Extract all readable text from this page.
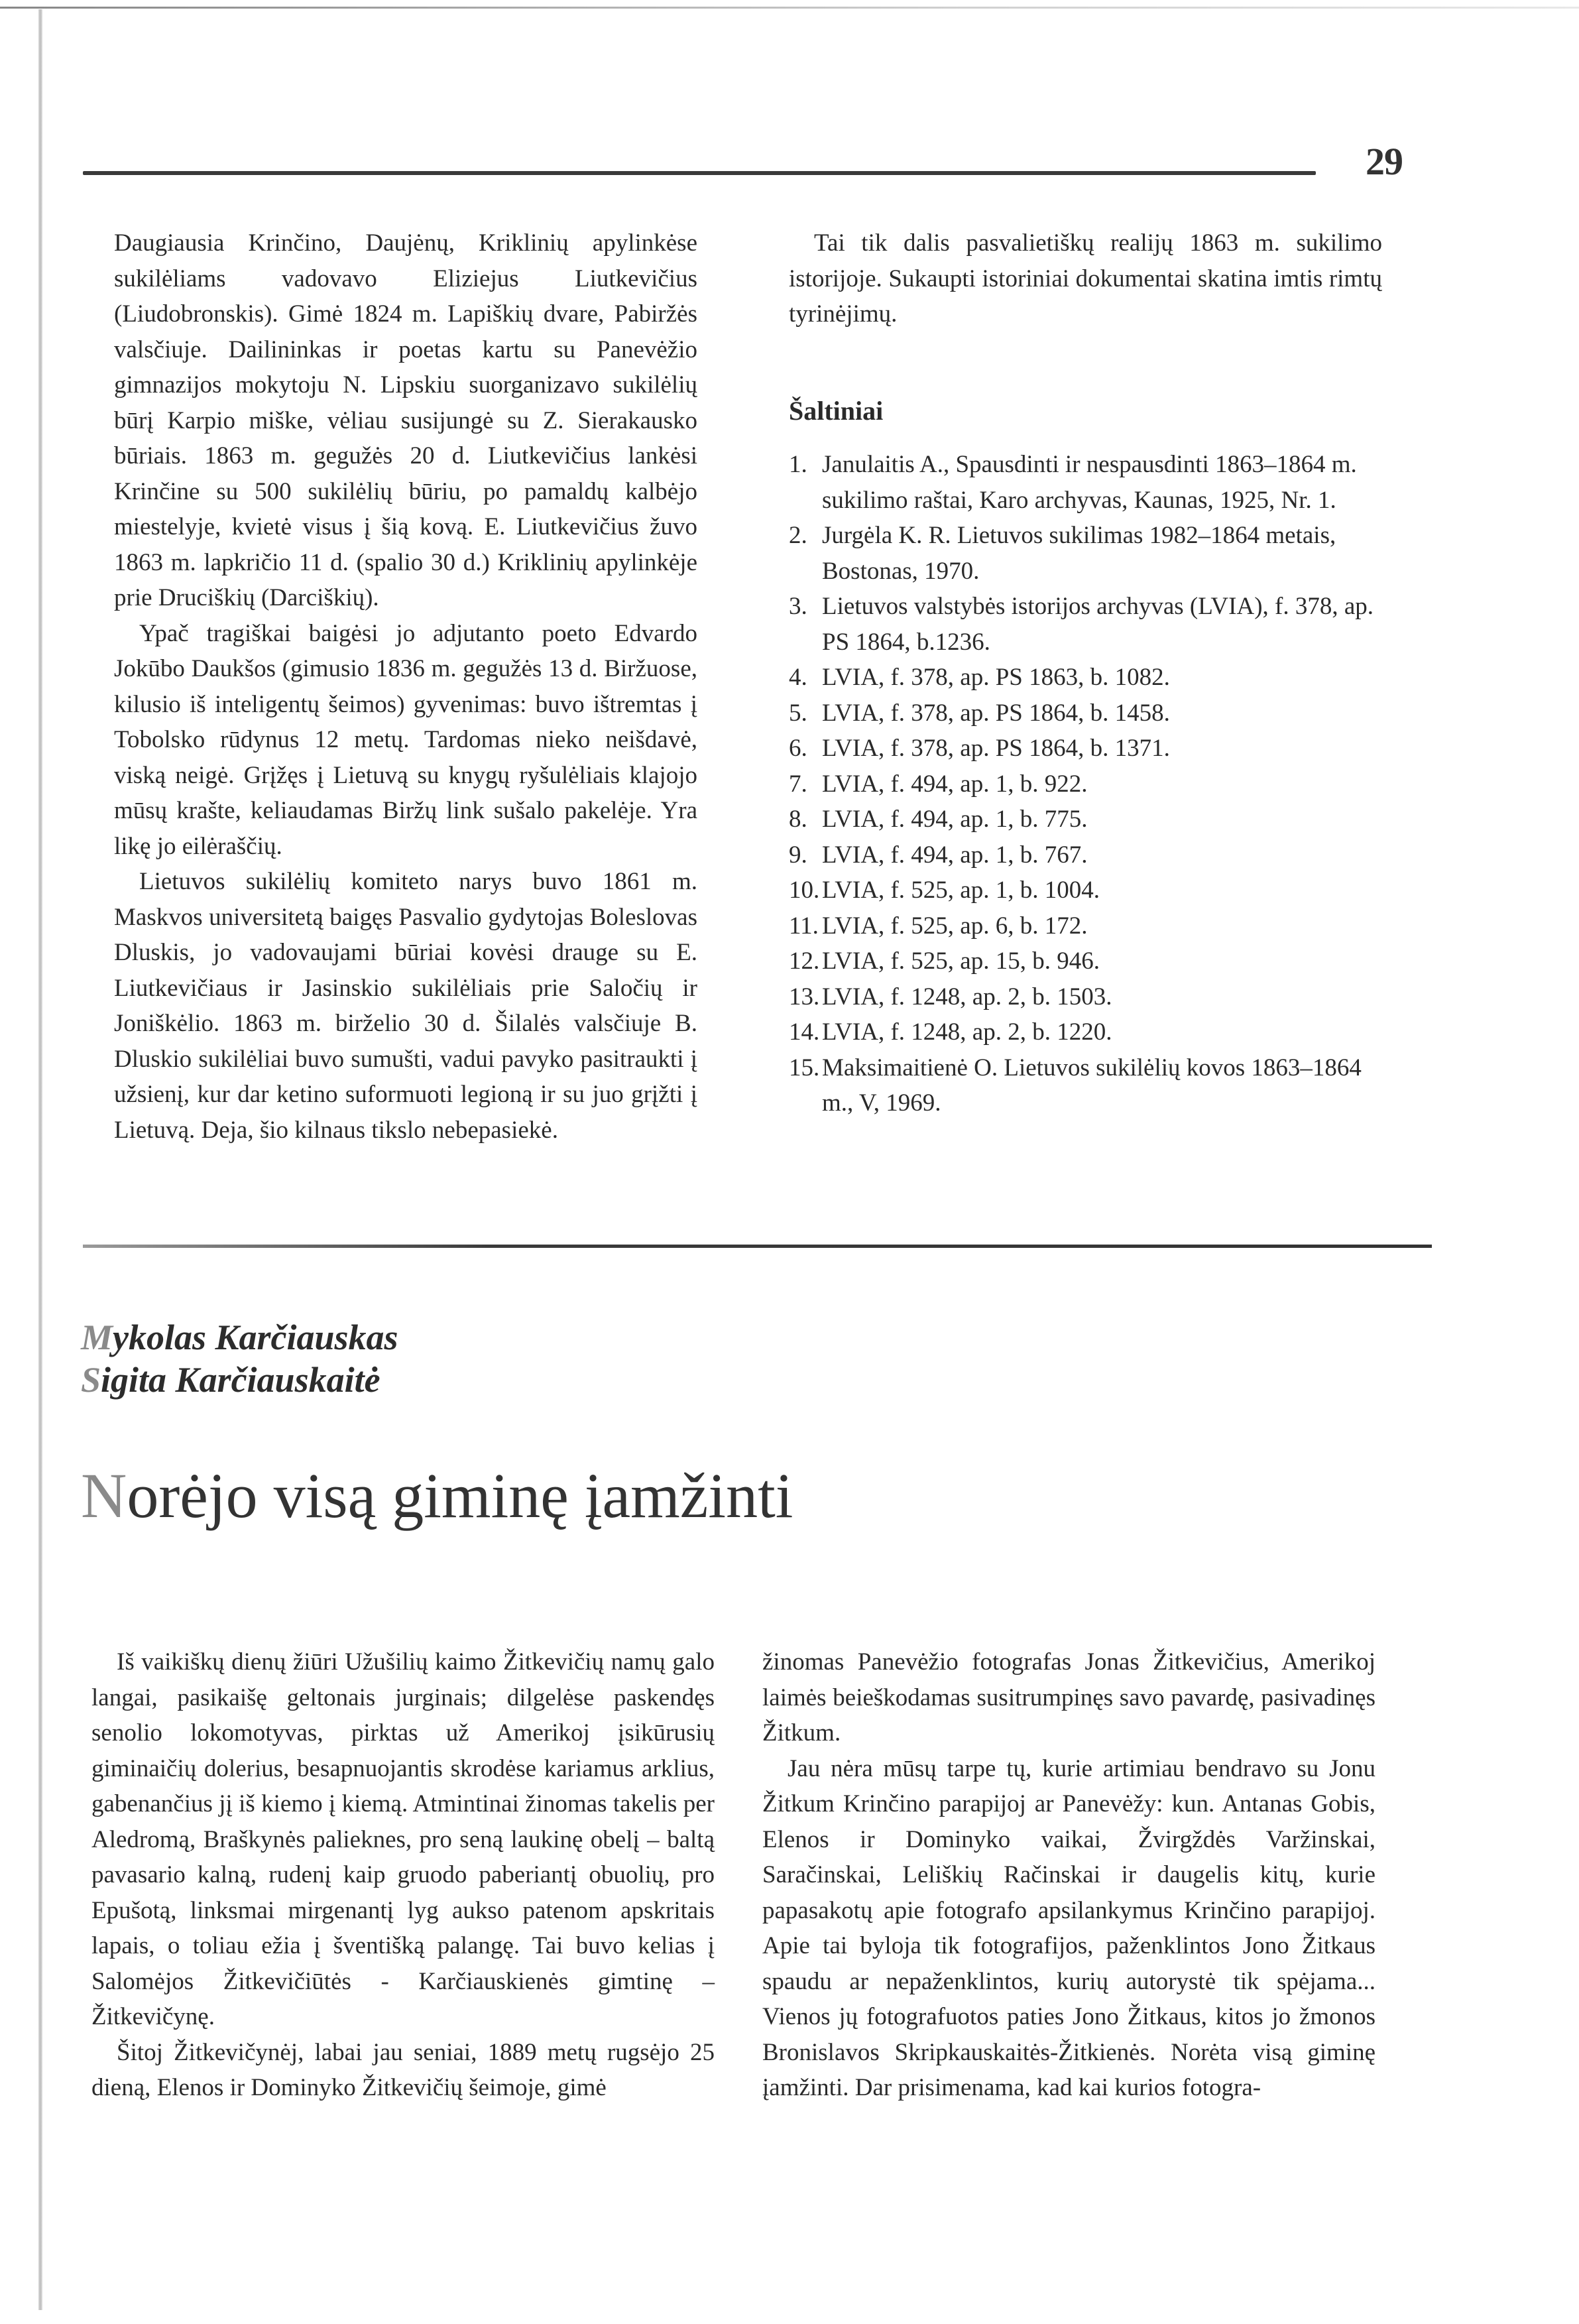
29

Daugiausia Krinčino, Daujėnų, Kriklinių apylinkėse sukilėliams vadovavo Eliziejus Liutkevičius (Liudobronskis). Gimė 1824 m. Lapiškių dvare, Pabiržės valsčiuje. Dailininkas ir poetas kartu su Panevėžio gimnazijos mokytoju N. Lipskiu suorganizavo sukilėlių būrį Karpio miške, vėliau susijungė su Z. Sierakausko būriais. 1863 m. gegužės 20 d. Liutkevičius lankėsi Krinčine su 500 sukilėlių būriu, po pamaldų kalbėjo miestelyje, kvietė visus į šią kovą. E. Liutkevičius žuvo 1863 m. lapkričio 11 d. (spalio 30 d.) Kriklinių apylinkėje prie Druciškių (Darciškių).

Ypač tragiškai baigėsi jo adjutanto poeto Edvardo Jokūbo Daukšos (gimusio 1836 m. gegužės 13 d. Biržuose, kilusio iš inteligentų šeimos) gyvenimas: buvo ištremtas į Tobolsko rūdynus 12 metų. Tardomas nieko neišdavė, viską neigė. Grįžęs į Lietuvą su knygų ryšulėliais klajojo mūsų krašte, keliaudamas Biržų link sušalo pakelėje. Yra likę jo eilėraščių.

Lietuvos sukilėlių komiteto narys buvo 1861 m. Maskvos universitetą baigęs Pasvalio gydytojas Boleslovas Dluskis, jo vadovaujami būriai kovėsi drauge su E. Liutkevičiaus ir Jasinskio sukilėliais prie Saločių ir Joniškėlio. 1863 m. birželio 30 d. Šilalės valsčiuje B. Dluskio sukilėliai buvo sumušti, vadui pavyko pasitraukti į užsienį, kur dar ketino suformuoti legioną ir su juo grįžti į Lietuvą. Deja, šio kilnaus tikslo nebepasiekė.

Tai tik dalis pasvalietiškų realijų 1863 m. sukilimo istorijoje. Sukaupti istoriniai dokumentai skatina imtis rimtų tyrinėjimų.

Šaltiniai
1. Janulaitis A., Spausdinti ir nespausdinti 1863–1864 m. sukilimo raštai, Karo archyvas, Kaunas, 1925, Nr. 1.
2. Jurgėla K. R. Lietuvos sukilimas 1982–1864 metais, Bostonas, 1970.
3. Lietuvos valstybės istorijos archyvas (LVIA), f. 378, ap. PS 1864, b.1236.
4. LVIA, f. 378, ap. PS 1863, b. 1082.
5. LVIA, f. 378, ap. PS 1864, b. 1458.
6. LVIA, f. 378, ap. PS 1864, b. 1371.
7. LVIA, f. 494, ap. 1, b. 922.
8. LVIA, f. 494, ap. 1, b. 775.
9. LVIA, f. 494, ap. 1, b. 767.
10. LVIA, f. 525, ap. 1, b. 1004.
11. LVIA, f. 525, ap. 6, b. 172.
12. LVIA, f. 525, ap. 15, b. 946.
13. LVIA, f. 1248, ap. 2, b. 1503.
14. LVIA, f. 1248, ap. 2, b. 1220.
15. Maksimaitienė O. Lietuvos sukilėlių kovos 1863–1864 m., V, 1969.
Mykolas Karčiauskas
Sigita Karčiauskaitė
Norėjo visą giminę įamžinti

Iš vaikiškų dienų žiūri Užušilių kaimo Žitkevičių namų galo langai, pasikaišę geltonais jurginais; dilgelėse paskendęs senolio lokomotyvas, pirktas už Amerikoj įsikūrusių giminaičių dolerius, besapnuojantis skrodėse kariamus arklius, gabenančius jį iš kiemo į kiemą. Atmintinai žinomas takelis per Aledromą, Braškynės palieknes, pro seną laukinę obelį – baltą pavasario kalną, rudenį kaip gruodo paberiantį obuolių, pro Epušotą, linksmai mirgenantį lyg aukso patenom apskritais lapais, o toliau ežia į šventišką palangę. Tai buvo kelias į Salomėjos Žitkevičiūtės - Karčiauskienės gimtinę – Žitkevičynę.

Šitoj Žitkevičynėj, labai jau seniai, 1889 metų rugsėjo 25 dieną, Elenos ir Dominyko Žitkevičių šeimoje, gimė

žinomas Panevėžio fotografas Jonas Žitkevičius, Amerikoj laimės beieškodamas susitrumpinęs savo pavardę, pasivadinęs Žitkum.

Jau nėra mūsų tarpe tų, kurie artimiau bendravo su Jonu Žitkum Krinčino parapijoj ar Panevėžy: kun. Antanas Gobis, Elenos ir Dominyko vaikai, Žvirgždės Varžinskai, Saračinskai, Leliškių Račinskai ir daugelis kitų, kurie papasakotų apie fotografo apsilankymus Krinčino parapijoj. Apie tai byloja tik fotografijos, paženklintos Jono Žitkaus spaudu ar nepaženklintos, kurių autorystė tik spėjama... Vienos jų fotografuotos paties Jono Žitkaus, kitos jo žmonos Bronislavos Skripkauskaitės-Žitkienės. Norėta visą giminę įamžinti. Dar prisimenama, kad kai kurios fotogra-
